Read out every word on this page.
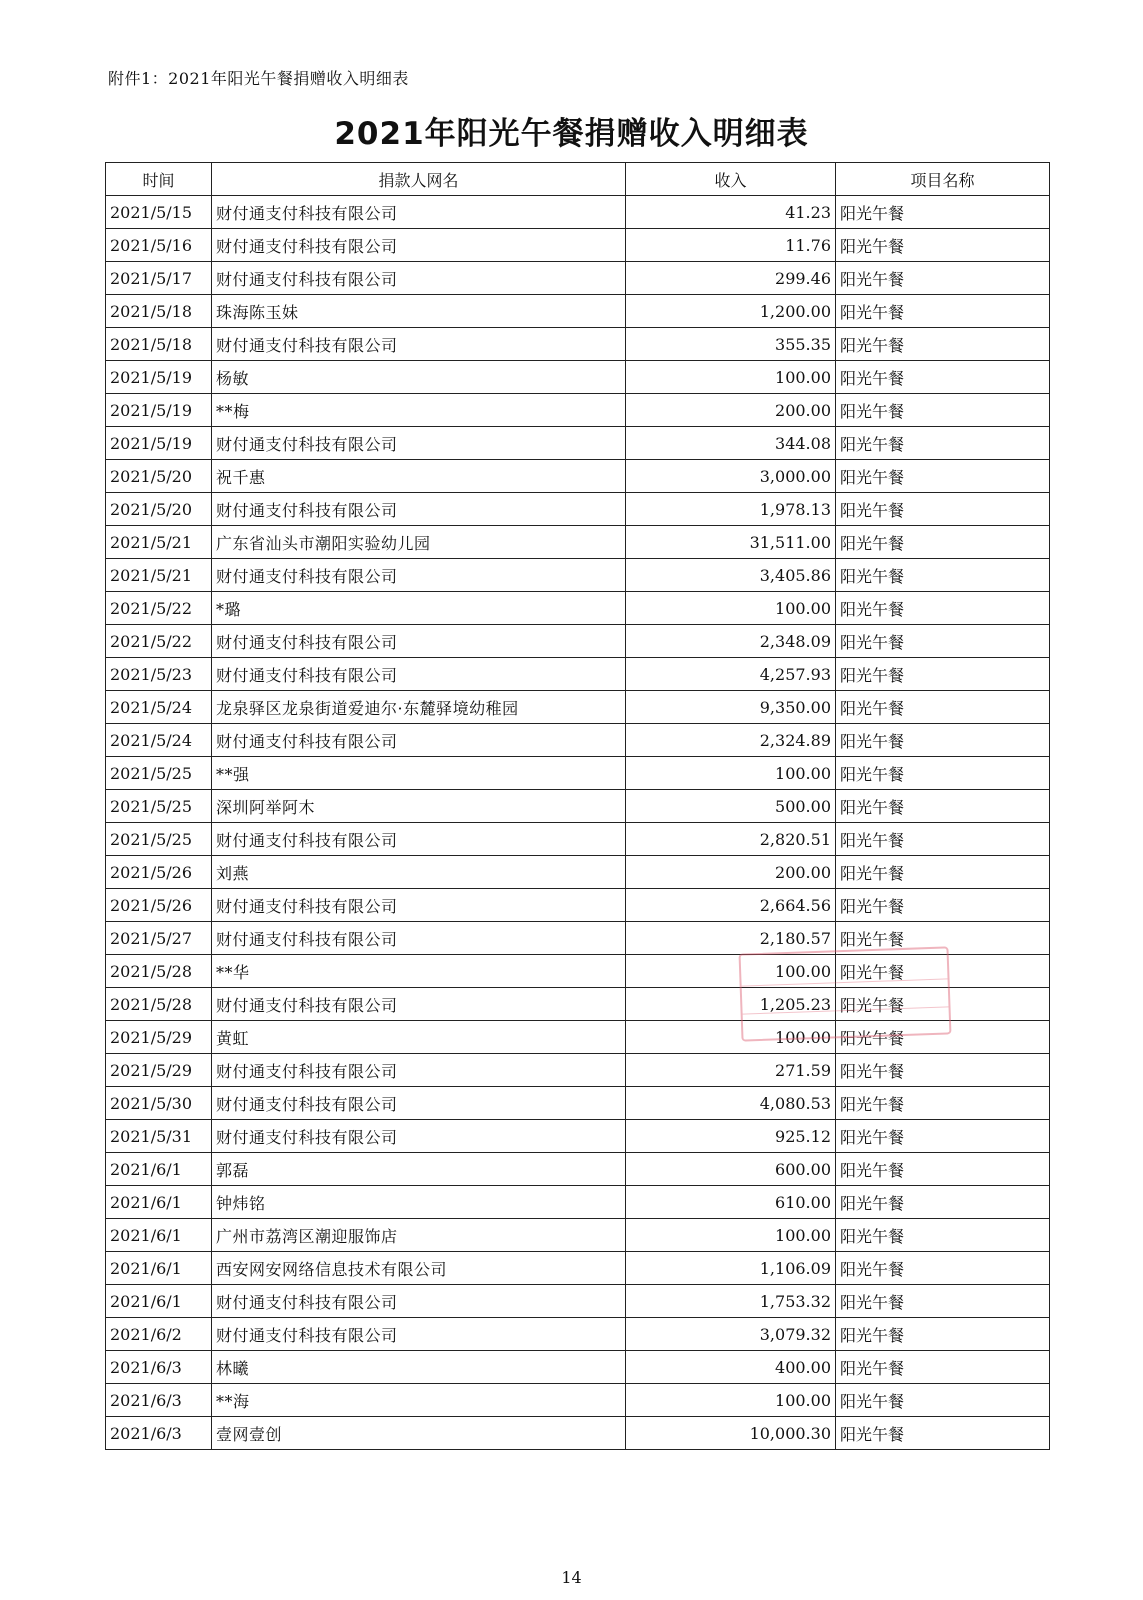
附件1：2021年阳光午餐捐赠收入明细表
2021年阳光午餐捐赠收入明细表
时间	捐款人网名	收入	项目名称
2021/5/15	财付通支付科技有限公司	41.23	阳光午餐
2021/5/16	财付通支付科技有限公司	11.76	阳光午餐
2021/5/17	财付通支付科技有限公司	299.46	阳光午餐
2021/5/18	珠海陈玉妹	1,200.00	阳光午餐
2021/5/18	财付通支付科技有限公司	355.35	阳光午餐
2021/5/19	杨敏	100.00	阳光午餐
2021/5/19	**梅	200.00	阳光午餐
2021/5/19	财付通支付科技有限公司	344.08	阳光午餐
2021/5/20	祝千惠	3,000.00	阳光午餐
2021/5/20	财付通支付科技有限公司	1,978.13	阳光午餐
2021/5/21	广东省汕头市潮阳实验幼儿园	31,511.00	阳光午餐
2021/5/21	财付通支付科技有限公司	3,405.86	阳光午餐
2021/5/22	*璐	100.00	阳光午餐
2021/5/22	财付通支付科技有限公司	2,348.09	阳光午餐
2021/5/23	财付通支付科技有限公司	4,257.93	阳光午餐
2021/5/24	龙泉驿区龙泉街道爱迪尔·东麓驿境幼稚园	9,350.00	阳光午餐
2021/5/24	财付通支付科技有限公司	2,324.89	阳光午餐
2021/5/25	**强	100.00	阳光午餐
2021/5/25	深圳阿举阿木	500.00	阳光午餐
2021/5/25	财付通支付科技有限公司	2,820.51	阳光午餐
2021/5/26	刘燕	200.00	阳光午餐
2021/5/26	财付通支付科技有限公司	2,664.56	阳光午餐
2021/5/27	财付通支付科技有限公司	2,180.57	阳光午餐
2021/5/28	**华	100.00	阳光午餐
2021/5/28	财付通支付科技有限公司	1,205.23	阳光午餐
2021/5/29	黄虹	100.00	阳光午餐
2021/5/29	财付通支付科技有限公司	271.59	阳光午餐
2021/5/30	财付通支付科技有限公司	4,080.53	阳光午餐
2021/5/31	财付通支付科技有限公司	925.12	阳光午餐
2021/6/1	郭磊	600.00	阳光午餐
2021/6/1	钟炜铭	610.00	阳光午餐
2021/6/1	广州市荔湾区潮迎服饰店	100.00	阳光午餐
2021/6/1	西安网安网络信息技术有限公司	1,106.09	阳光午餐
2021/6/1	财付通支付科技有限公司	1,753.32	阳光午餐
2021/6/2	财付通支付科技有限公司	3,079.32	阳光午餐
2021/6/3	林曦	400.00	阳光午餐
2021/6/3	**海	100.00	阳光午餐
2021/6/3	壹网壹创	10,000.30	阳光午餐
14
